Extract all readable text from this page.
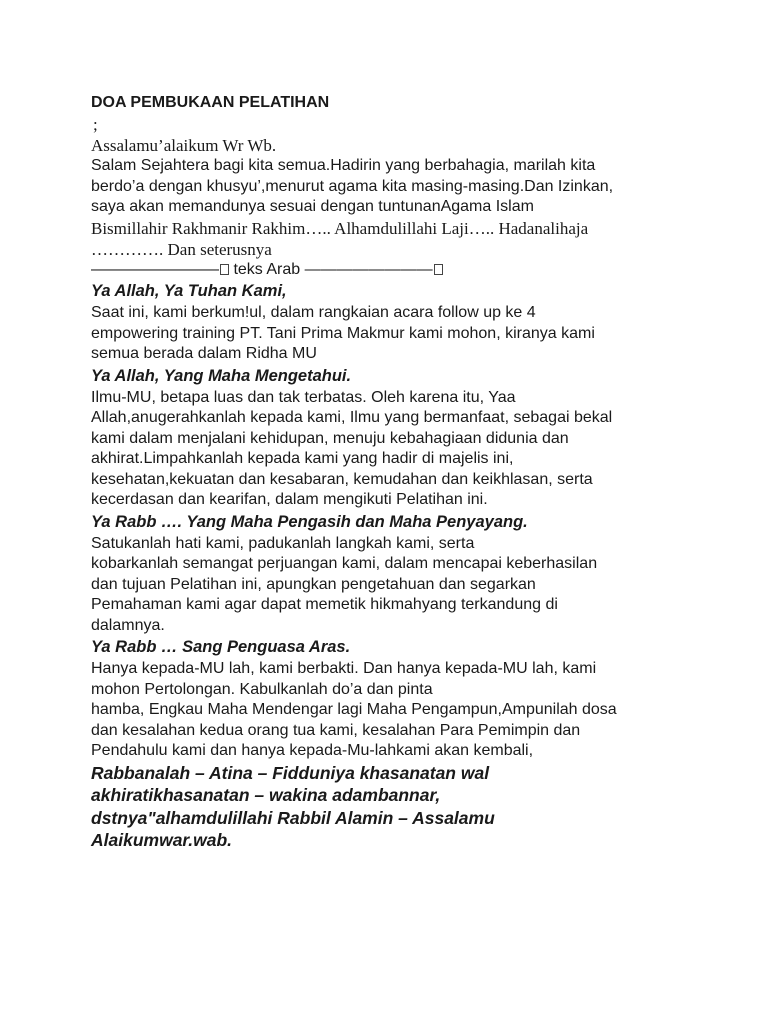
DOA PEMBUKAAN PELATIHAN
;
Assalamu’alaikum Wr Wb.
Salam Sejahtera bagi kita semua.Hadirin yang berbahagia, marilah kita
berdo’a dengan khusyu’,menurut agama kita masing-masing.Dan Izinkan,
saya akan memandunya sesuai dengan tuntunanAgama Islam
Bismillahir Rakhmanir Rakhim….. Alhamdulillahi Laji….. Hadanalihaja
…………. Dan seterusnya
———————— teks Arab ————————
Ya Allah, Ya Tuhan Kami,
Saat ini, kami berkum!ul, dalam rangkaian acara follow up ke 4
empowering training PT. Tani Prima Makmur kami mohon, kiranya kami
semua berada dalam Ridha MU
Ya Allah, Yang Maha Mengetahui.
Ilmu-MU, betapa luas dan tak terbatas. Oleh karena itu, Yaa
Allah,anugerahkanlah kepada kami, Ilmu yang bermanfaat, sebagai bekal
kami dalam menjalani kehidupan, menuju kebahagiaan didunia dan
akhirat.Limpahkanlah kepada kami yang hadir di majelis ini,
kesehatan,kekuatan dan kesabaran, kemudahan dan keikhlasan, serta
kecerdasan dan kearifan, dalam mengikuti Pelatihan ini.
Ya Rabb …. Yang Maha Pengasih dan Maha Penyayang.
Satukanlah hati kami, padukanlah langkah kami, serta
kobarkanlah semangat perjuangan kami, dalam mencapai keberhasilan
dan tujuan Pelatihan ini, apungkan pengetahuan dan segarkan
Pemahaman kami agar dapat memetik hikmahyang terkandung di
dalamnya.
Ya Rabb … Sang Penguasa Aras.
Hanya kepada-MU lah, kami berbakti. Dan hanya kepada-MU lah, kami
mohon Pertolongan. Kabulkanlah do’a dan pinta
hamba, Engkau Maha Mendengar lagi Maha Pengampun,Ampunilah dosa
dan kesalahan kedua orang tua kami, kesalahan Para Pemimpin dan
Pendahulu kami dan hanya kepada-Mu-lahkami akan kembali,
Rabbanalah – Atina – Fidduniya khasanatan wal
akhiratikhasanatan – wakina adambannar,
dstnya"alhamdulillahi Rabbil Alamin – Assalamu
Alaikumwar.wab.
